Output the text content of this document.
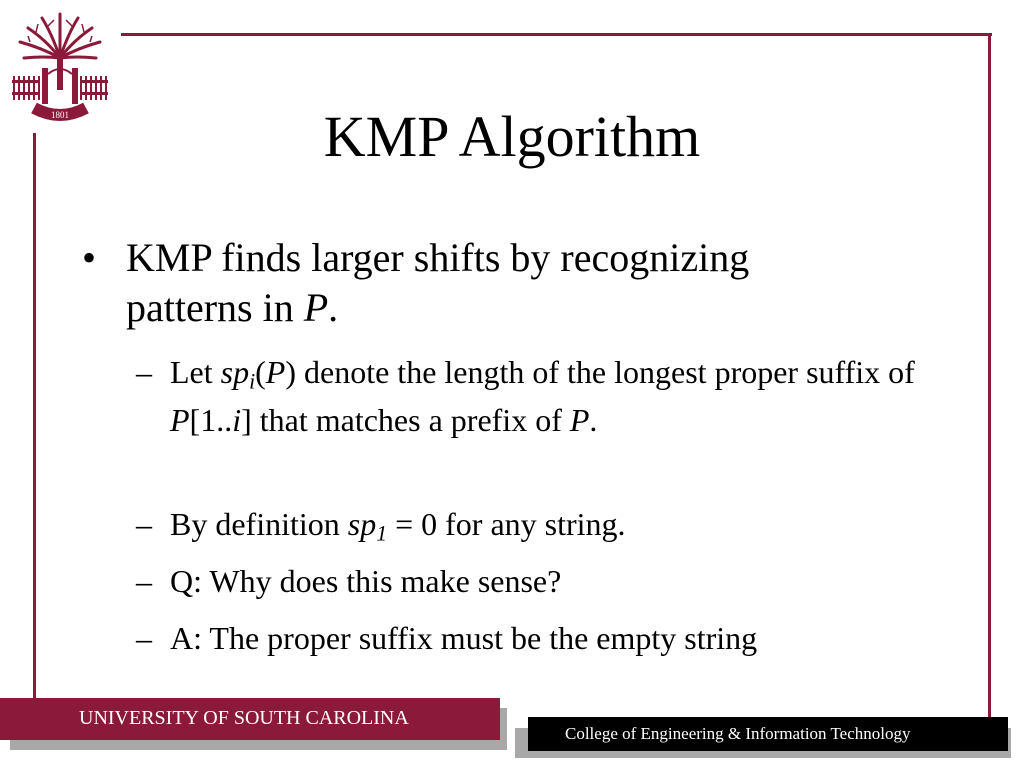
1801	KMP Algorithm
• KMP finds larger shifts by recognizing patterns in P.
– Let $sp_i(P)$ denote the length of the longest proper suffix of P[1..i] that matches a prefix of P.
– By definition $sp_1 = 0$ for any string.
– Q: Why does this make sense?
– A: The proper suffix must be the empty string
UNIVERSITY OF SOUTH CAROLINA
College of Engineering & Information Technology
